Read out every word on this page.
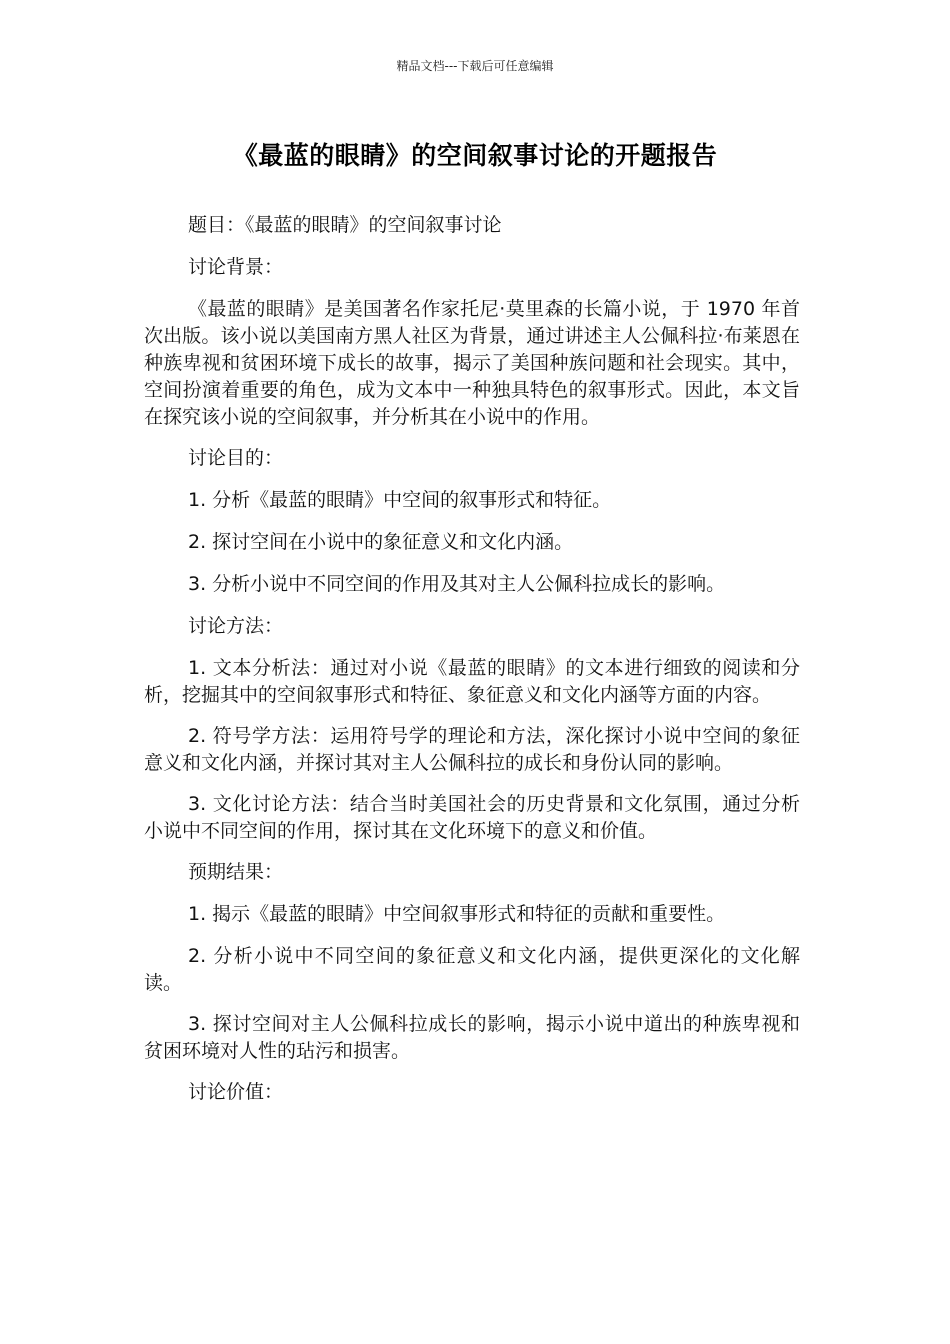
精品文档---下载后可任意编辑
《最蓝的眼睛》的空间叙事讨论的开题报告

题目：《最蓝的眼睛》的空间叙事讨论

讨论背景：

《最蓝的眼睛》是美国著名作家托尼·莫里森的长篇小说，于 1970 年首次出版。该小说以美国南方黑人社区为背景，通过讲述主人公佩科拉·布莱恩在种族卑视和贫困环境下成长的故事，揭示了美国种族问题和社会现实。其中，空间扮演着重要的角色，成为文本中一种独具特色的叙事形式。因此，本文旨在探究该小说的空间叙事，并分析其在小说中的作用。

讨论目的：

1. 分析《最蓝的眼睛》中空间的叙事形式和特征。

2. 探讨空间在小说中的象征意义和文化内涵。

3. 分析小说中不同空间的作用及其对主人公佩科拉成长的影响。

讨论方法：

1. 文本分析法：通过对小说《最蓝的眼睛》的文本进行细致的阅读和分析，挖掘其中的空间叙事形式和特征、象征意义和文化内涵等方面的内容。

2. 符号学方法：运用符号学的理论和方法，深化探讨小说中空间的象征意义和文化内涵，并探讨其对主人公佩科拉的成长和身份认同的影响。

3. 文化讨论方法：结合当时美国社会的历史背景和文化氛围，通过分析小说中不同空间的作用，探讨其在文化环境下的意义和价值。

预期结果：

1. 揭示《最蓝的眼睛》中空间叙事形式和特征的贡献和重要性。

2. 分析小说中不同空间的象征意义和文化内涵，提供更深化的文化解读。

3. 探讨空间对主人公佩科拉成长的影响，揭示小说中道出的种族卑视和贫困环境对人性的玷污和损害。

讨论价值：
